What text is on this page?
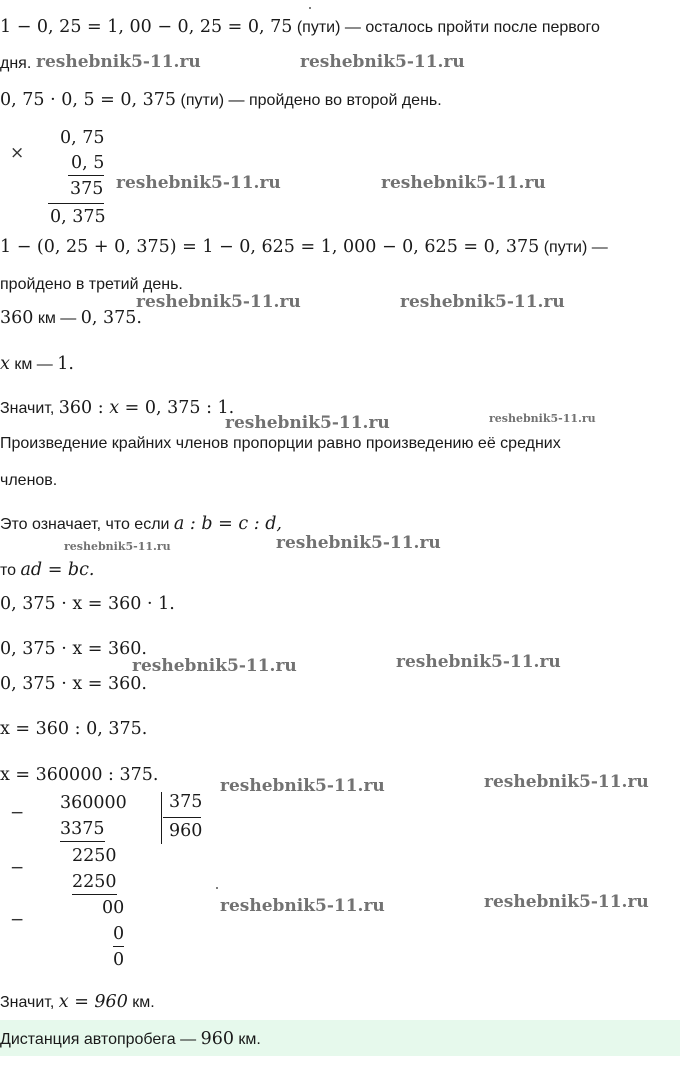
1 − 0, 25 = 1, 00 − 0, 25 = 0, 75 (пути) — осталось пройти после первого
дня.
0, 75 · 0, 5 = 0, 375 (пути) — пройдено во второй день.
×
0, 75
0, 5
375
0, 375
1 − (0, 25 + 0, 375) = 1 − 0, 625 = 1, 000 − 0, 625 = 0, 375 (пути) —
пройдено в третий день.
360 км — 0, 375.
x км — 1.
Значит, 360 : x = 0, 375 : 1.
Произведение крайних членов пропорции равно произведению её средних
членов.
Это означает, что если a : b = c : d,
то ad = bc.
0, 375 · x = 360 · 1.
0, 375 · x = 360.
0, 375 · x = 360.
x = 360 : 0, 375.
x = 360000 : 375.
− 360000 375
960
3375
2250
−
2250
00
−
0
0
Значит, x = 960 км.
Дистанция автопробега — 960 км.
reshebnik5-11.ru	reshebnik5-11.ru
reshebnik5-11.ru	reshebnik5-11.ru
reshebnik5-11.ru	reshebnik5-11.ru
reshebnik5-11.ru	reshebnik5-11.ru
reshebnik5-11.ru	reshebnik5-11.ru
reshebnik5-11.ru	reshebnik5-11.ru
reshebnik5-11.ru	reshebnik5-11.ru
reshebnik5-11.ru	reshebnik5-11.ru
